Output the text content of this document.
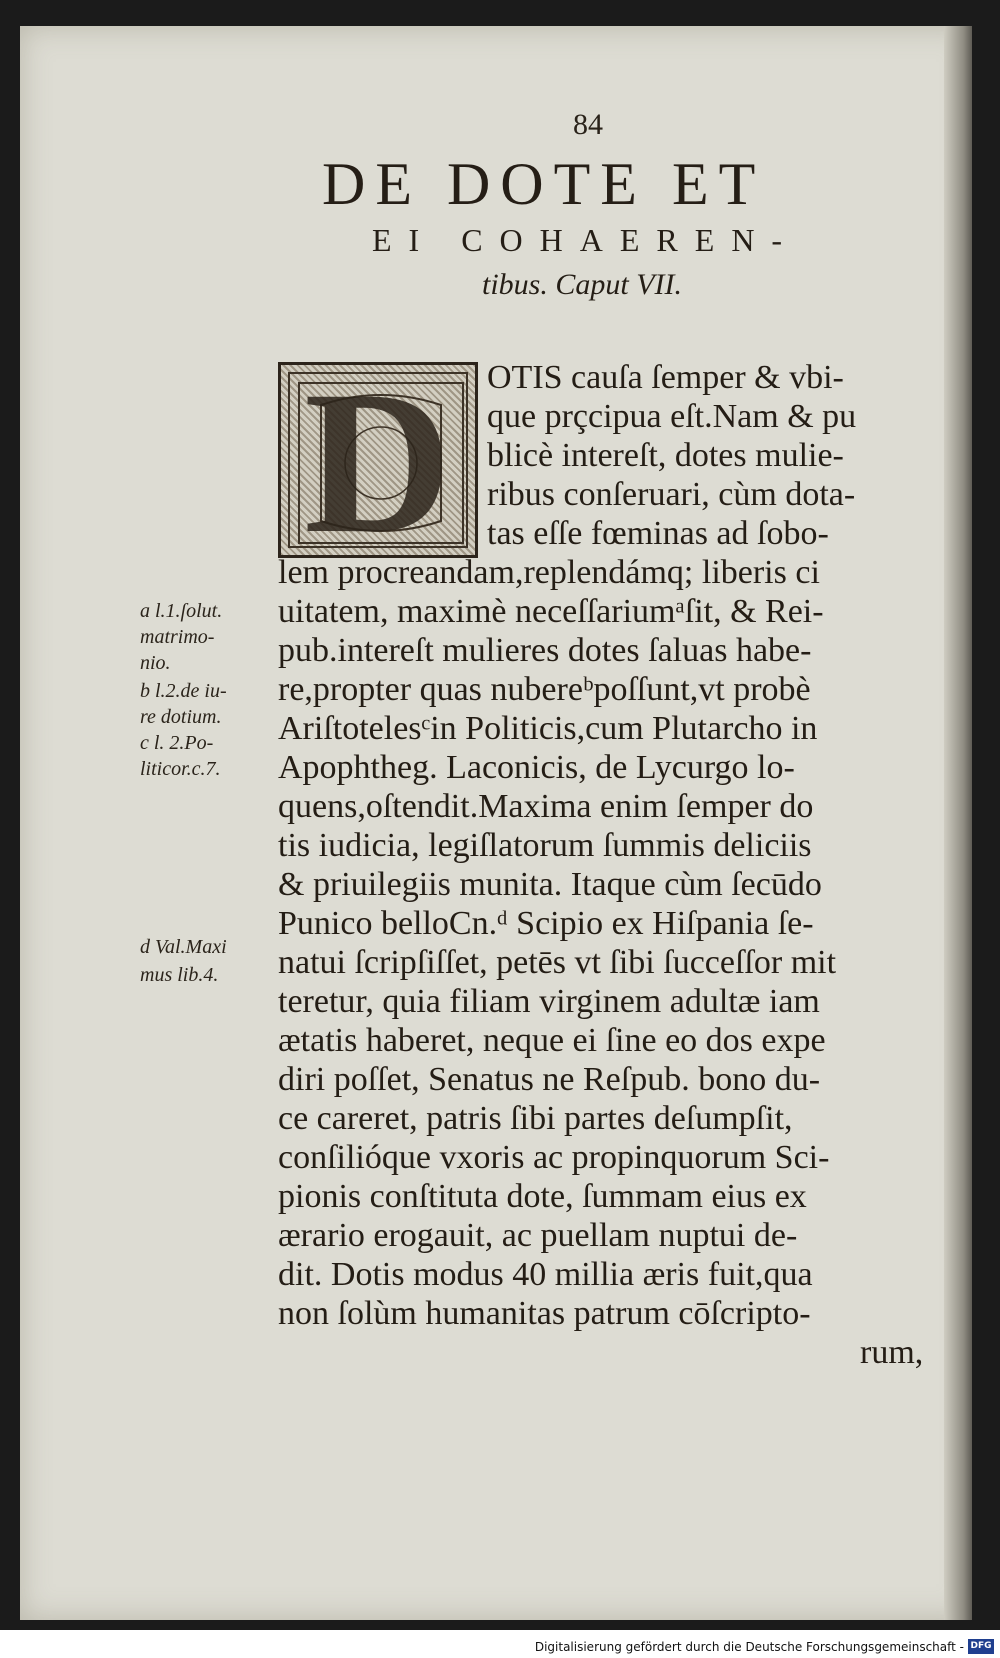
84
DE DOTE ET
EI COHAEREN-
tibus. Caput VII.
D	OTIS cauſa ſemper & vbi-
que prçcipua eſt.Nam & pu
blicè intereſt, dotes mulie-
ribus conſeruari, cùm dota-
tas eſſe fœminas ad ſobo-
lem procreandam,replendámq; liberis ci
uitatem, maximè neceſſariumᵃſit, & Rei-
pub.intereſt mulieres dotes ſaluas habe-
re,propter quas nubereᵇpoſſunt,vt probè
Ariſtotelesᶜin Politicis,cum Plutarcho in
Apophtheg. Laconicis, de Lycurgo lo-
quens,oſtendit.Maxima enim ſemper do
tis iudicia, legiſlatorum ſummis deliciis
& priuilegiis munita. Itaque cùm ſecūdo
Punico belloCn.ᵈ Scipio ex Hiſpania ſe-
natui ſcripſiſſet, petēs vt ſibi ſucceſſor mit
teretur, quia filiam virginem adultæ iam
ætatis haberet, neque ei ſine eo dos expe
diri poſſet, Senatus ne Reſpub. bono du-
ce careret, patris ſibi partes deſumpſit,
conſilióque vxoris ac propinquorum Sci-
pionis conſtituta dote, ſummam eius ex
ærario erogauit, ac puellam nuptui de-
dit. Dotis modus 40 millia æris fuit,qua
non ſolùm humanitas patrum cōſcripto-
rum,
a l.1.ſolut.
matrimo-
nio.
b l.2.de iu-
re dotium.
c l. 2.Po-
liticor.c.7.
d Val.Maxi
mus lib.4.
Digitalisierung gefördert durch die Deutsche Forschungsgemeinschaft - DFG
